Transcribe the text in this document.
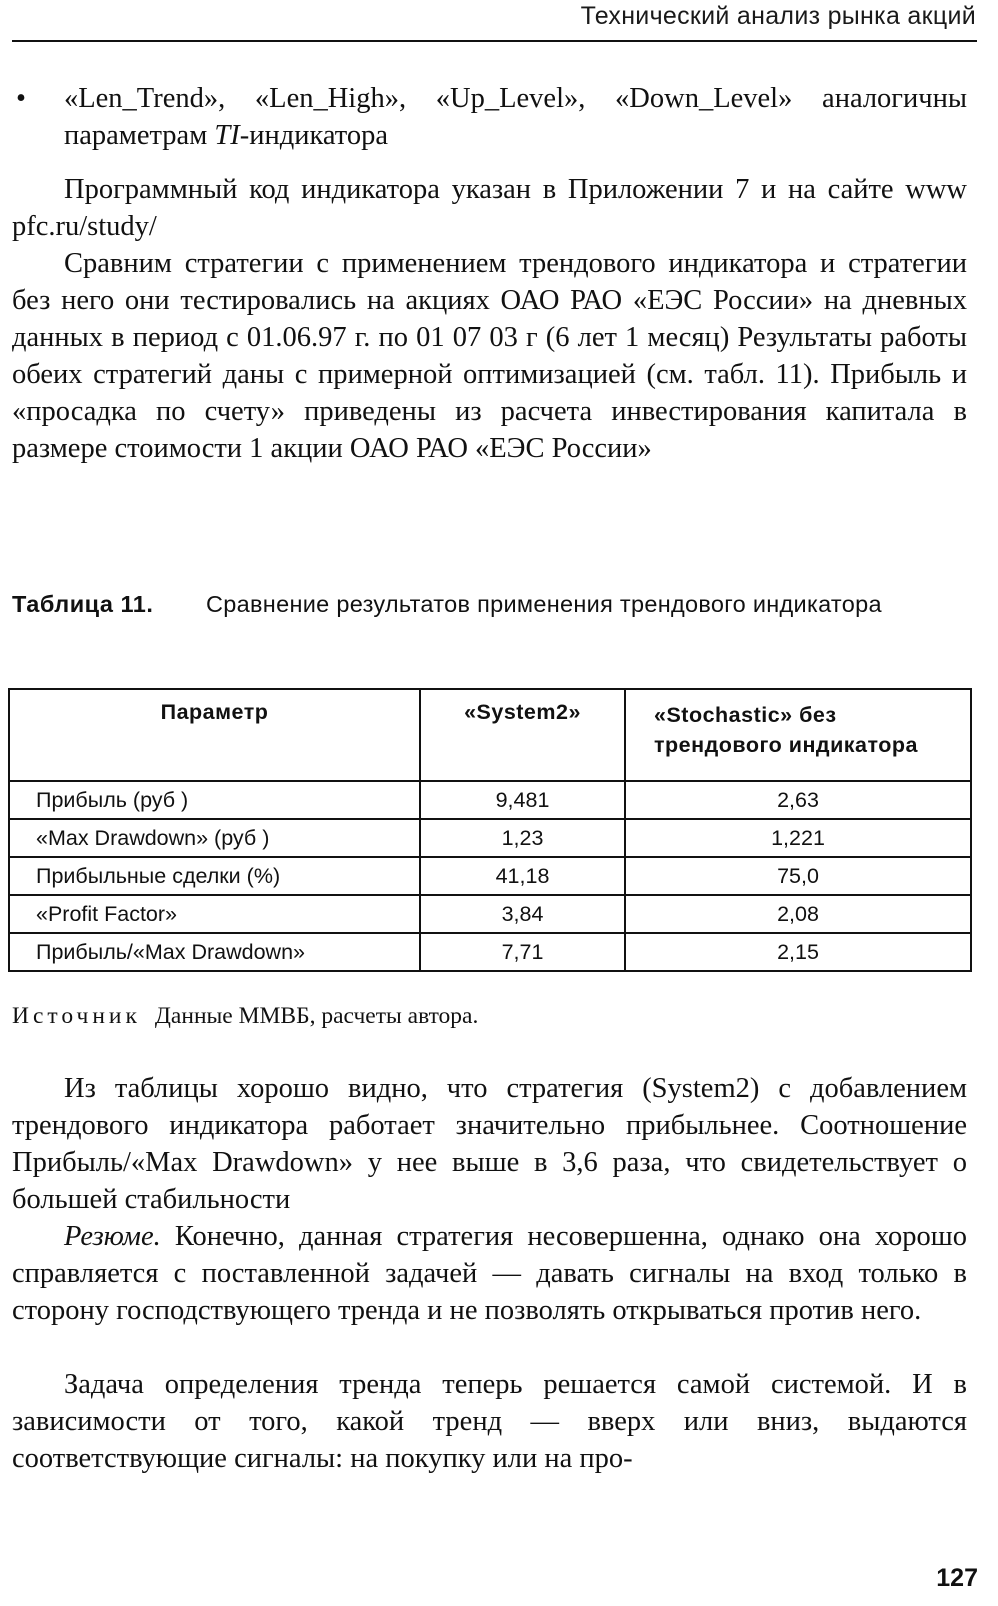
Технический анализ рынка акций
• «Len_Trend», «Len_High», «Up_Level», «Down_Level» аналогичны параметрам TI-индикатора

Программный код индикатора указан в Приложении 7 и на сайте www pfc.ru/study/

Сравним стратегии с применением трендового индикатора и стратегии без него они тестировались на акциях ОАО РАО «ЕЭС России» на дневных данных в период с 01.06.97 г. по 01 07 03 г (6 лет 1 месяц) Результаты работы обеих стратегий даны с примерной оптимизацией (см. табл. 11). Прибыль и «просадка по счету» приведены из расчета инвестирования капитала в размере стоимости 1 акции ОАО РАО «ЕЭС России»

Таблица 11. Сравнение результатов применения трендового индикатора
Параметр	«System2»	«Stochastic» без трендового индикатора
Прибыль (руб )	9,481	2,63
«Max Drawdown» (руб )	1,23	1,221
Прибыльные сделки (%)	41,18	75,0
«Profit Factor»	3,84	2,08
Прибыль/«Max Drawdown»	7,71	2,15
Источник Данные ММВБ, расчеты автора.

Из таблицы хорошо видно, что стратегия (System2) с добавлением трендового индикатора работает значительно прибыльнее. Соотношение Прибыль/«Max Drawdown» у нее выше в 3,6 раза, что свидетельствует о большей стабильности

Резюме. Конечно, данная стратегия несовершенна, однако она хорошо справляется с поставленной задачей — давать сигналы на вход только в сторону господствующего тренда и не позволять открываться против него.

Задача определения тренда теперь решается самой системой. И в зависимости от того, какой тренд — вверх или вниз, выдаются соответствующие сигналы: на покупку или на про-

127
